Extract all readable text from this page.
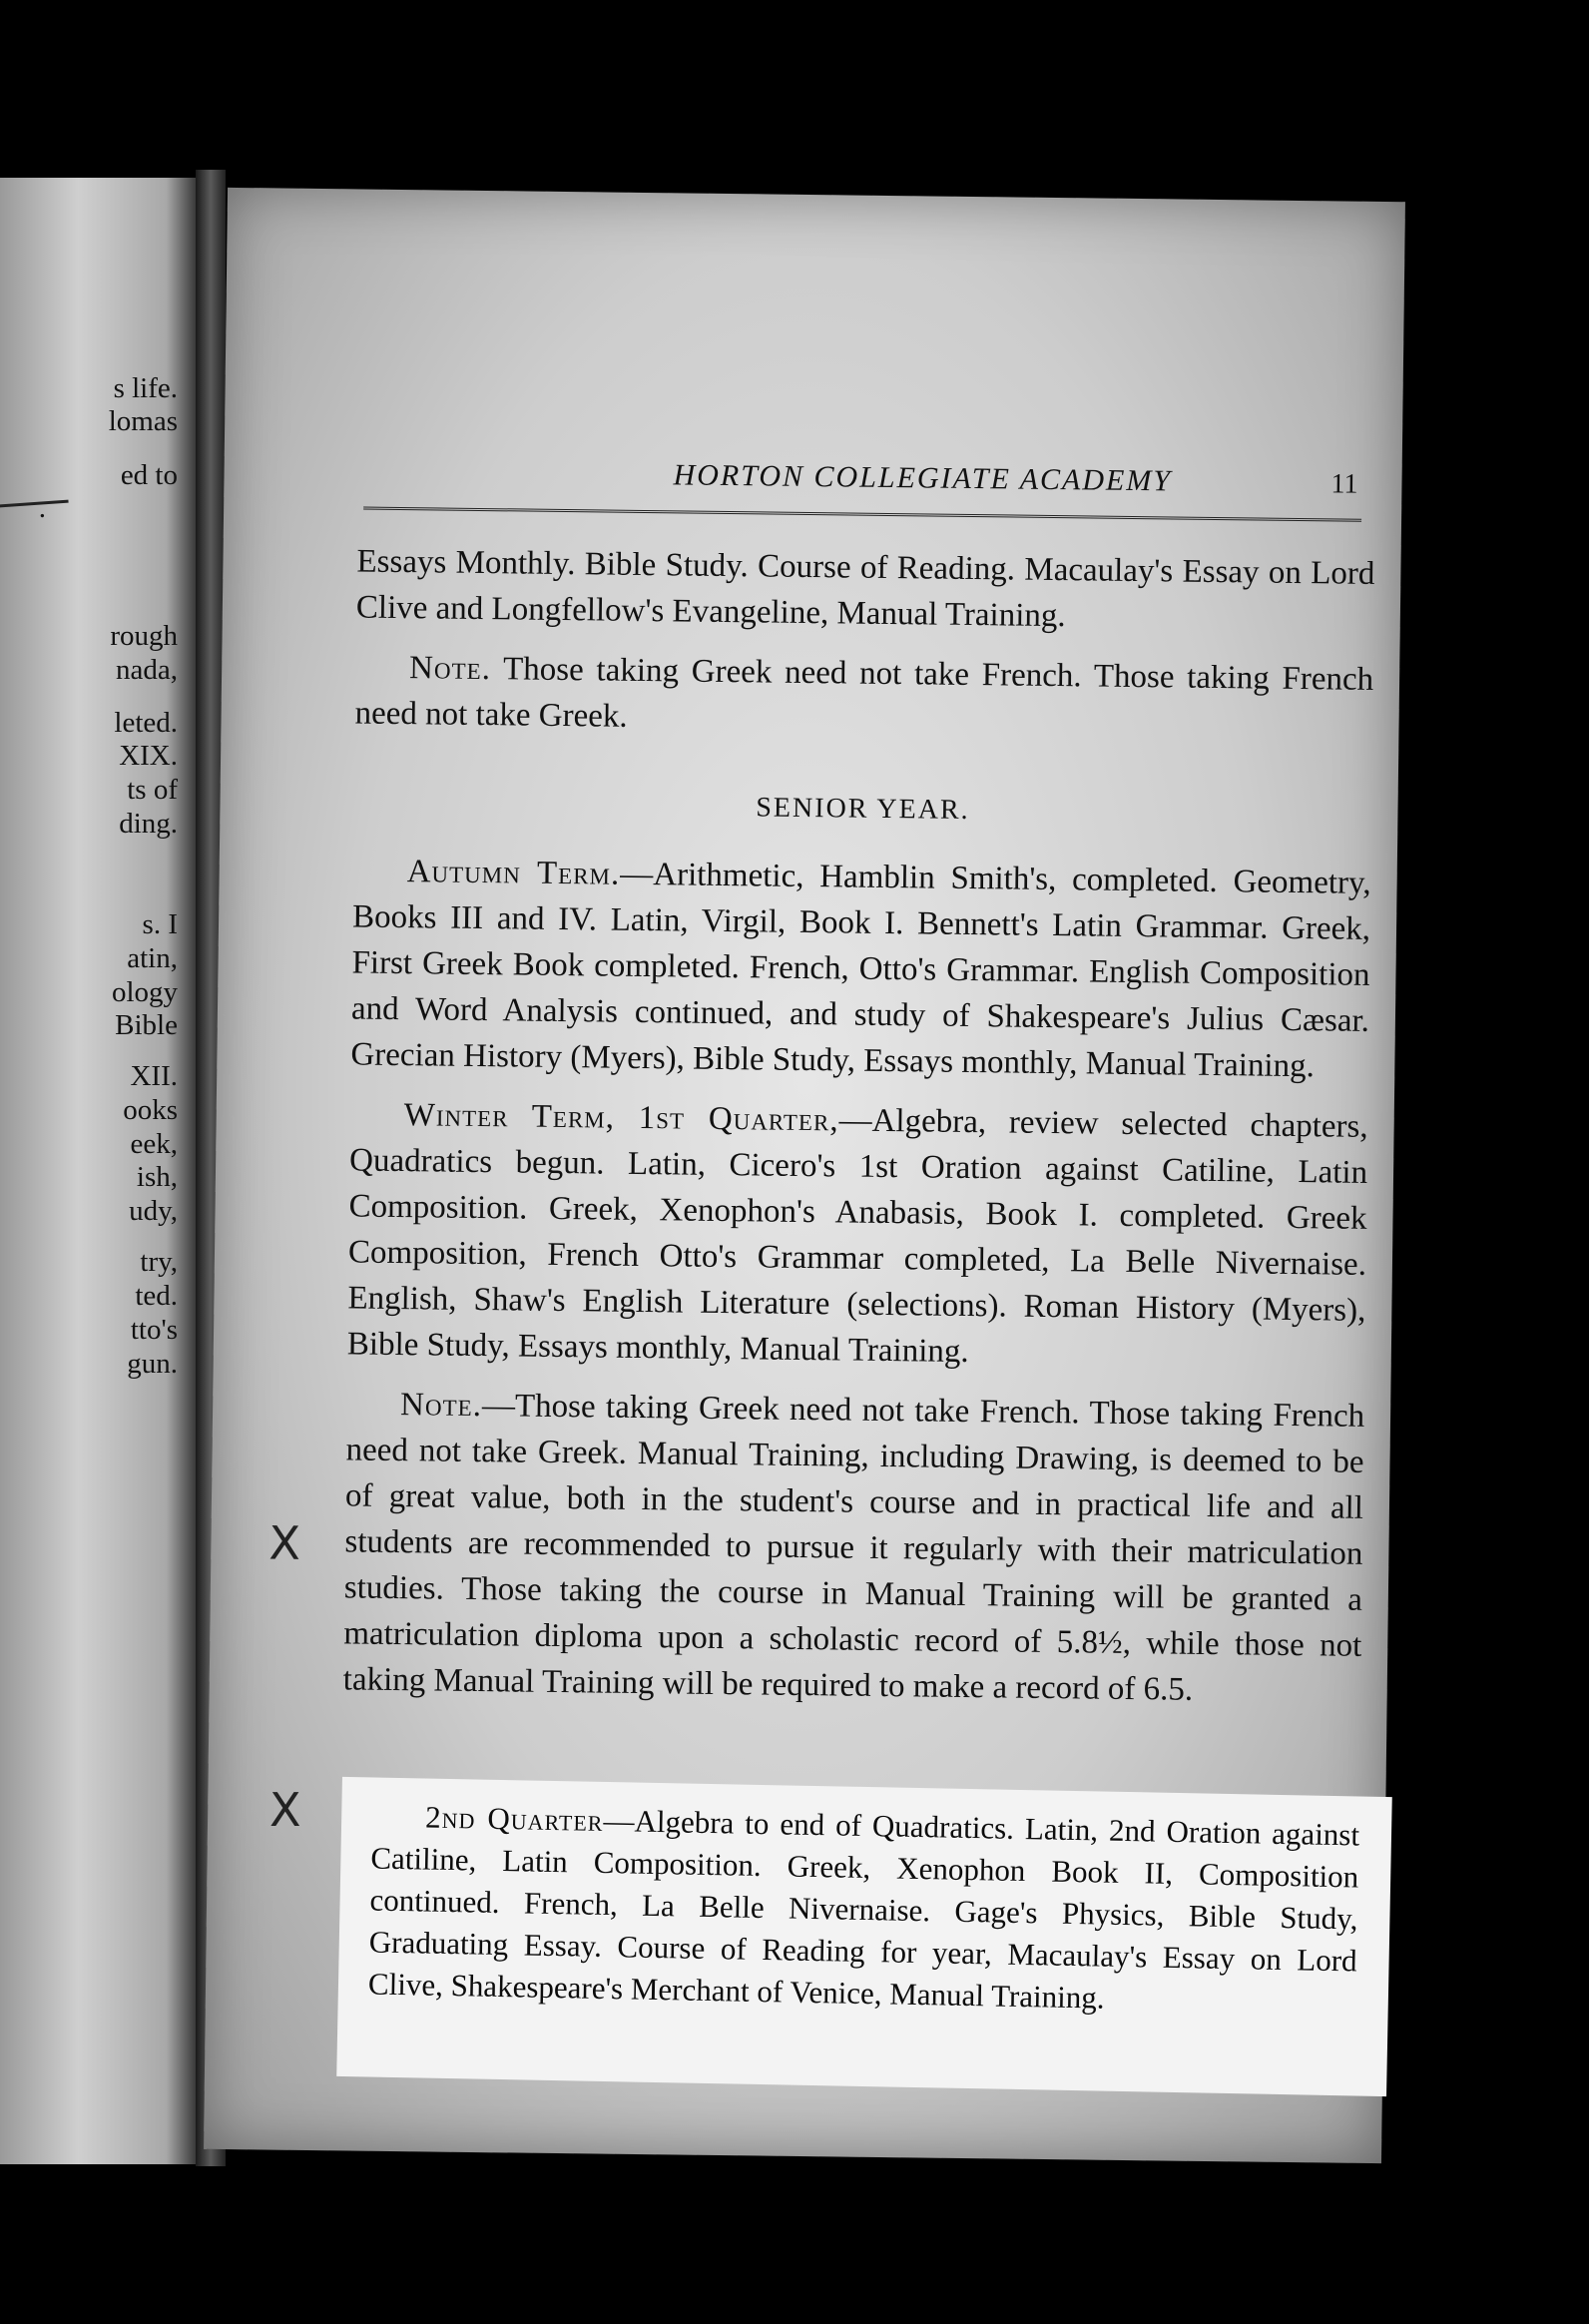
s life.
lomas
ed to
.
rough
nada,
leted.
XIX.
ts of
ding.
s. I
atin,
ology
Bible
XII.
ooks
eek,
ish,
udy,
try,
ted.
tto's
gun.
HORTON COLLEGIATE ACADEMY	11

Essays Monthly. Bible Study. Course of Reading. Macaulay's Essay on Lord Clive and Longfellow's Evangeline, Manual Training.

Note. Those taking Greek need not take French. Those taking French need not take Greek.

SENIOR YEAR.

Autumn Term.—Arithmetic, Hamblin Smith's, completed. Geometry, Books III and IV. Latin, Virgil, Book I. Bennett's Latin Grammar. Greek, First Greek Book completed. French, Otto's Grammar. English Composition and Word Analysis continued, and study of Shakespeare's Julius Cæsar. Grecian History (Myers), Bible Study, Essays monthly, Manual Training.

Winter Term, 1st Quarter,—Algebra, review selected chapters, Quadratics begun. Latin, Cicero's 1st Oration against Catiline, Latin Composition. Greek, Xenophon's Anabasis, Book I. completed. Greek Composition, French Otto's Grammar completed, La Belle Nivernaise. English, Shaw's English Literature (selections). Roman History (Myers), Bible Study, Essays monthly, Manual Training.

Note.—Those taking Greek need not take French. Those taking French need not take Greek. Manual Training, including Drawing, is deemed to be of great value, both in the student's course and in practical life and all students are recommended to pursue it regularly with their matriculation studies. Those taking the course in Manual Training will be granted a matriculation diploma upon a scholastic record of 5.8½, while those not taking Manual Training will be required to make a record of 6.5.

X
2nd Quarter—Algebra to end of Quadratics. Latin, 2nd Oration against Catiline, Latin Composition. Greek, Xenophon Book II, Composition continued. French, La Belle Nivernaise. Gage's Physics, Bible Study, Graduating Essay. Course of Reading for year, Macaulay's Essay on Lord Clive, Shakespeare's Merchant of Venice, Manual Training.
X
